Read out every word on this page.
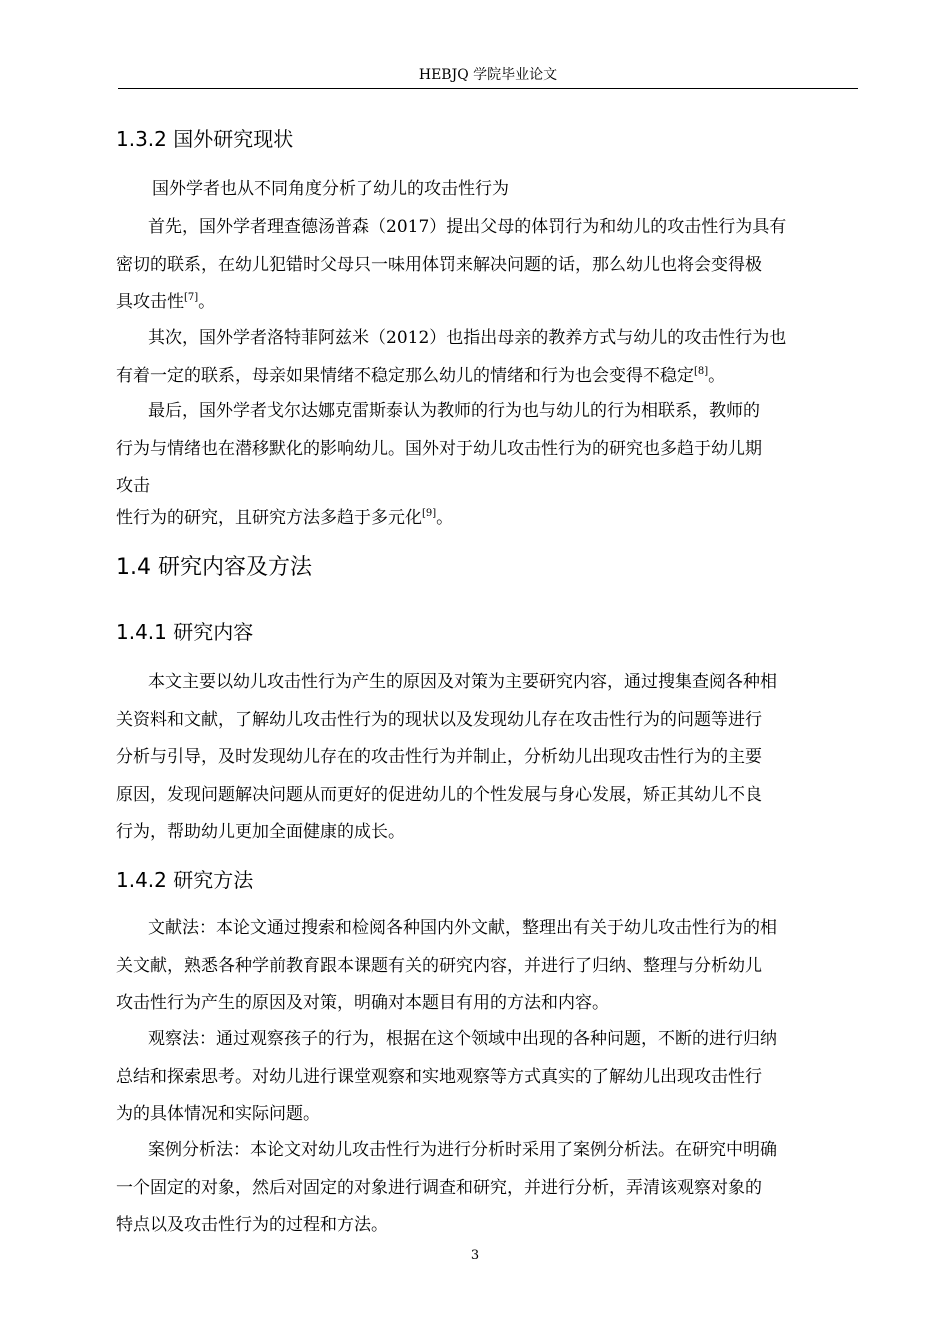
HEBJQ 学院毕业论文
1.3.2 国外研究现状
国外学者也从不同角度分析了幼儿的攻击性行为
首先，国外学者理查德汤普森（2017）提出父母的体罚行为和幼儿的攻击性行为具有
密切的联系，在幼儿犯错时父母只一味用体罚来解决问题的话，那么幼儿也将会变得极
具攻击性[7]。
其次，国外学者洛特菲阿兹米（2012）也指出母亲的教养方式与幼儿的攻击性行为也
有着一定的联系，母亲如果情绪不稳定那么幼儿的情绪和行为也会变得不稳定[8]。
最后，国外学者戈尔达娜克雷斯泰认为教师的行为也与幼儿的行为相联系，教师的
行为与情绪也在潜移默化的影响幼儿。国外对于幼儿攻击性行为的研究也多趋于幼儿期
攻击
性行为的研究，且研究方法多趋于多元化[9]。
1.4 研究内容及方法
1.4.1 研究内容
本文主要以幼儿攻击性行为产生的原因及对策为主要研究内容，通过搜集查阅各种相
关资料和文献，了解幼儿攻击性行为的现状以及发现幼儿存在攻击性行为的问题等进行
分析与引导，及时发现幼儿存在的攻击性行为并制止，分析幼儿出现攻击性行为的主要
原因，发现问题解决问题从而更好的促进幼儿的个性发展与身心发展，矫正其幼儿不良
行为，帮助幼儿更加全面健康的成长。
1.4.2 研究方法
文献法：本论文通过搜索和检阅各种国内外文献，整理出有关于幼儿攻击性行为的相
关文献，熟悉各种学前教育跟本课题有关的研究内容，并进行了归纳、整理与分析幼儿
攻击性行为产生的原因及对策，明确对本题目有用的方法和内容。
观察法：通过观察孩子的行为，根据在这个领域中出现的各种问题，不断的进行归纳
总结和探索思考。对幼儿进行课堂观察和实地观察等方式真实的了解幼儿出现攻击性行
为的具体情况和实际问题。
案例分析法：本论文对幼儿攻击性行为进行分析时采用了案例分析法。在研究中明确
一个固定的对象，然后对固定的对象进行调查和研究，并进行分析，弄清该观察对象的
特点以及攻击性行为的过程和方法。
3
